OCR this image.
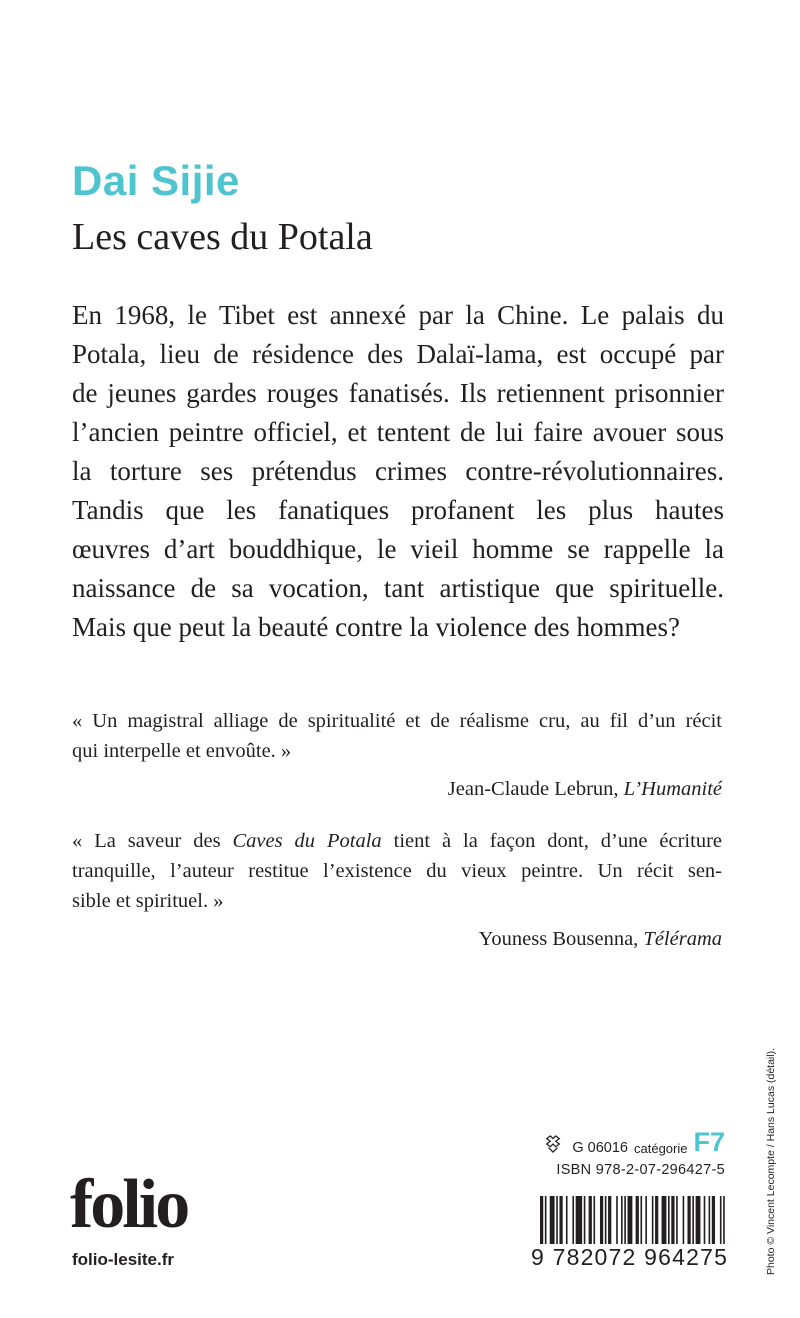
Dai Sijie
Les caves du Potala

En 1968, le Tibet est annexé par la Chine. Le palais du
Potala, lieu de résidence des Dalaï-lama, est occupé par
de jeunes gardes rouges fanatisés. Ils retiennent prisonnier
l’ancien peintre officiel, et tentent de lui faire avouer sous
la torture ses prétendus crimes contre-révolutionnaires.
Tandis que les fanatiques profanent les plus hautes
œuvres d’art bouddhique, le vieil homme se rappelle la
naissance de sa vocation, tant artistique que spirituelle.
Mais que peut la beauté contre la violence des hommes?

« Un magistral alliage de spiritualité et de réalisme cru, au fil d’un récit
qui interpelle et envoûte. »
Jean-Claude Lebrun, L’Humanité
« La saveur des Caves du Potala tient à la façon dont, d’une écriture
tranquille, l’auteur restitue l’existence du vieux peintre. Un récit sen-
sible et spirituel. »
Youness Bousenna, Télérama
Photo © Vincent Lecompte / Hans Lucas (détail).
folio
folio-lesite.fr
G 06016 catégorie F7
ISBN 978-2-07-296427-5
9 782072 964275
